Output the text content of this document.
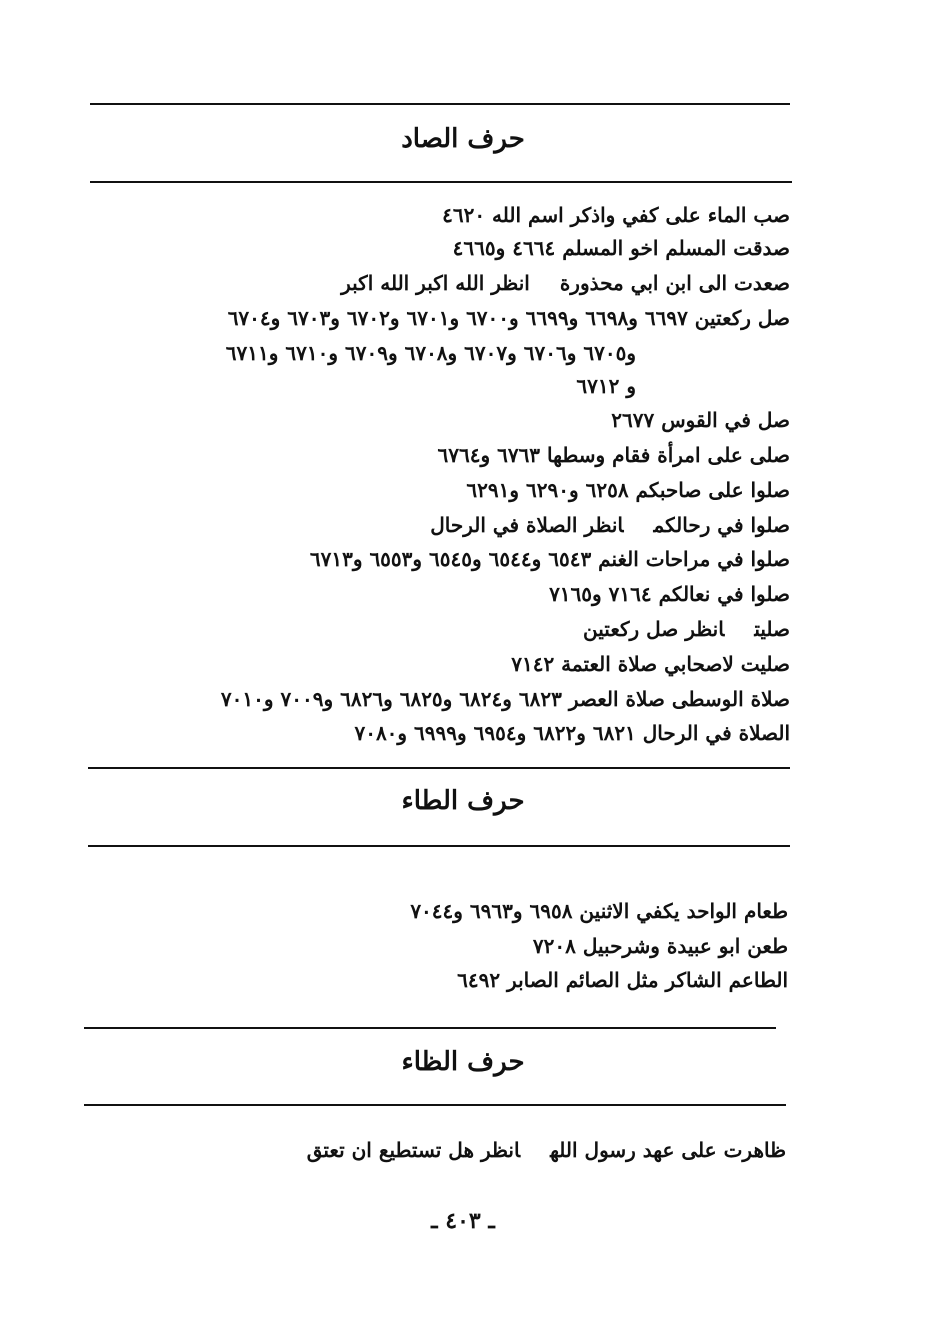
حرف الصاد
صب الماء على كفي واذكر اسم الله ٤٦٢٠
صدقت المسلم اخو المسلم ٤٦٦٤ و٤٦٦٥
صعدت الى ابن ابي محذورةانظر الله اكبر الله اكبر
صل ركعتين ٦٦٩٧ و٦٦٩٨ و٦٦٩٩ و٦٧٠٠ و٦٧٠١ و٦٧٠٢ و٦٧٠٣ و٦٧٠٤
و٦٧٠٥ و٦٧٠٦ و٦٧٠٧ و٦٧٠٨ و٦٧٠٩ و٦٧١٠ و٦٧١١
و ٦٧١٢
صل في القوس ٢٦٧٧
صلى على امرأة فقام وسطها ٦٧٦٣ و٦٧٦٤
صلوا على صاحبكم ٦٢٥٨ و٦٢٩٠ و٦٢٩١
صلوا في رحالكمانظر الصلاة في الرحال
صلوا في مراحات الغنم ٦٥٤٣ و٦٥٤٤ و٦٥٤٥ و٦٥٥٣ و٦٧١٣
صلوا في نعالكم ٧١٦٤ و٧١٦٥
صليتانظر صل ركعتين
صليت لاصحابي صلاة العتمة ٧١٤٢
صلاة الوسطى صلاة العصر ٦٨٢٣ و٦٨٢٤ و٦٨٢٥ و٦٨٢٦ و٧٠٠٩ و٧٠١٠
الصلاة في الرحال ٦٨٢١ و٦٨٢٢ و٦٩٥٤ و٦٩٩٩ و٧٠٨٠
حرف الطاء
طعام الواحد يكفي الاثنين ٦٩٥٨ و٦٩٦٣ و٧٠٤٤
طعن ابو عبيدة وشرحبيل ٧٢٠٨
الطاعم الشاكر مثل الصائم الصابر ٦٤٩٢
حرف الظاء
ظاهرت على عهد رسول اللهانظر هل تستطيع ان تعتق
ـ ٤٠٣ ـ
